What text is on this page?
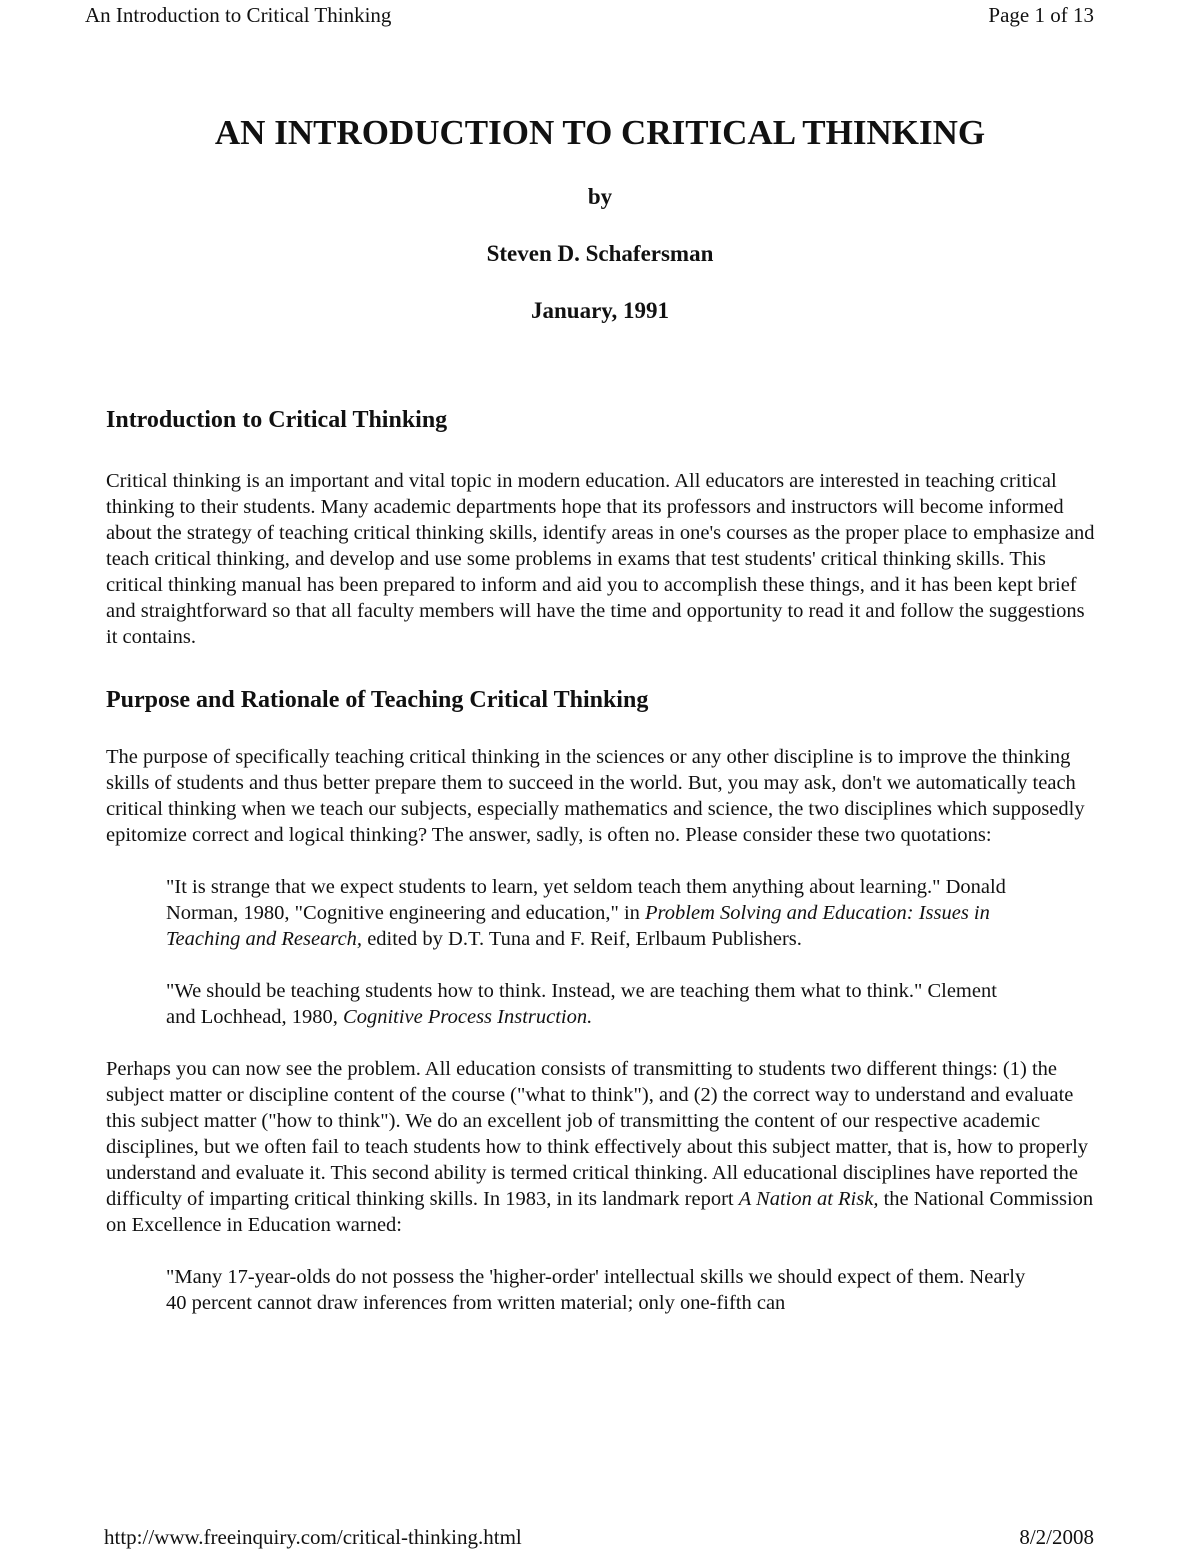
An Introduction to Critical Thinking	Page 1 of 13
AN INTRODUCTION TO CRITICAL THINKING
by
Steven D. Schafersman
January, 1991
Introduction to Critical Thinking

Critical thinking is an important and vital topic in modern education. All educators are interested in teaching critical thinking to their students. Many academic departments hope that its professors and instructors will become informed about the strategy of teaching critical thinking skills, identify areas in one's courses as the proper place to emphasize and teach critical thinking, and develop and use some problems in exams that test students' critical thinking skills. This critical thinking manual has been prepared to inform and aid you to accomplish these things, and it has been kept brief and straightforward so that all faculty members will have the time and opportunity to read it and follow the suggestions it contains.

Purpose and Rationale of Teaching Critical Thinking

The purpose of specifically teaching critical thinking in the sciences or any other discipline is to improve the thinking skills of students and thus better prepare them to succeed in the world. But, you may ask, don't we automatically teach critical thinking when we teach our subjects, especially mathematics and science, the two disciplines which supposedly epitomize correct and logical thinking? The answer, sadly, is often no. Please consider these two quotations:

"It is strange that we expect students to learn, yet seldom teach them anything about learning." Donald Norman, 1980, "Cognitive engineering and education," in Problem Solving and Education: Issues in Teaching and Research, edited by D.T. Tuna and F. Reif, Erlbaum Publishers.

"We should be teaching students how to think. Instead, we are teaching them what to think." Clement and Lochhead, 1980, Cognitive Process Instruction.

Perhaps you can now see the problem. All education consists of transmitting to students two different things: (1) the subject matter or discipline content of the course ("what to think"), and (2) the correct way to understand and evaluate this subject matter ("how to think"). We do an excellent job of transmitting the content of our respective academic disciplines, but we often fail to teach students how to think effectively about this subject matter, that is, how to properly understand and evaluate it. This second ability is termed critical thinking. All educational disciplines have reported the difficulty of imparting critical thinking skills. In 1983, in its landmark report A Nation at Risk, the National Commission on Excellence in Education warned:

"Many 17-year-olds do not possess the 'higher-order' intellectual skills we should expect of them. Nearly 40 percent cannot draw inferences from written material; only one-fifth can

http://www.freeinquiry.com/critical-thinking.html	8/2/2008
